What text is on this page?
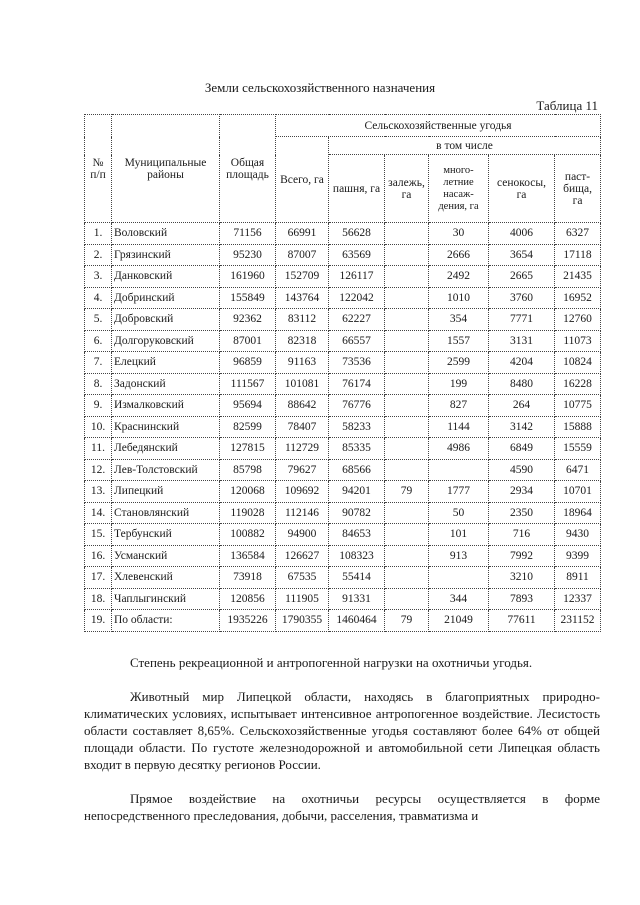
Земли сельскохозяйственного назначения
Таблица 11
№ п/п	Муниципальные районы	Общая площадь	Сельскохозяйственные угодья					
			Всего, га	в том числе				
				пашня, га	залежь, га	много-летние насаж-дения, га	сенокосы, га	паст-бища, га
1.	Воловский	71156	66991	56628		30	4006	6327
2.	Грязинский	95230	87007	63569		2666	3654	17118
3.	Данковский	161960	152709	126117		2492	2665	21435
4.	Добринский	155849	143764	122042		1010	3760	16952
5.	Добровский	92362	83112	62227		354	7771	12760
6.	Долгоруковский	87001	82318	66557		1557	3131	11073
7.	Елецкий	96859	91163	73536		2599	4204	10824
8.	Задонский	111567	101081	76174		199	8480	16228
9.	Измалковский	95694	88642	76776		827	264	10775
10.	Краснинский	82599	78407	58233		1144	3142	15888
11.	Лебедянский	127815	112729	85335		4986	6849	15559
12.	Лев-Толстовский	85798	79627	68566			4590	6471
13.	Липецкий	120068	109692	94201	79	1777	2934	10701
14.	Становлянский	119028	112146	90782		50	2350	18964
15.	Тербунский	100882	94900	84653		101	716	9430
16.	Усманский	136584	126627	108323		913	7992	9399
17.	Хлевенский	73918	67535	55414			3210	8911
18.	Чаплыгинский	120856	111905	91331		344	7893	12337
19.	По области:	1935226	1790355	1460464	79	21049	77611	231152

Степень рекреационной и антропогенной нагрузки на охотничьи угодья.

Животный мир Липецкой области, находясь в благоприятных природно-климатических условиях, испытывает интенсивное антропогенное воздействие. Лесистость области составляет 8,65%. Сельскохозяйственные угодья составляют более 64% от общей площади области. По густоте железнодорожной и автомобильной сети Липецкая область входит в первую десятку регионов России.

Прямое воздействие на охотничьи ресурсы осуществляется в форме непосредственного преследования, добычи, расселения, травматизма и
